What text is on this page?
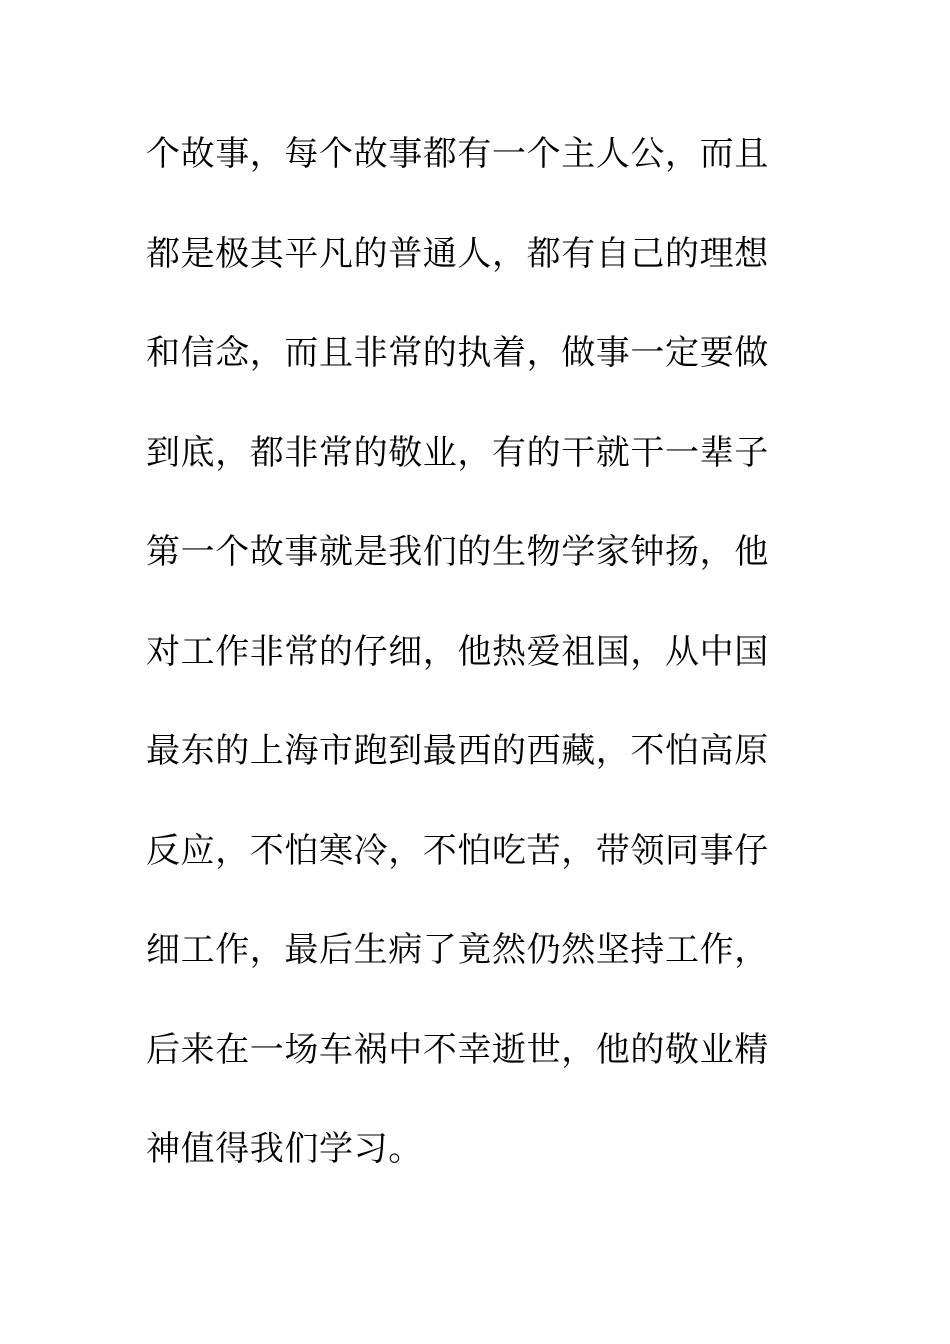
个故事，每个故事都有一个主人公，而且
都是极其平凡的普通人，都有自己的理想
和信念，而且非常的执着，做事一定要做
到底，都非常的敬业，有的干就干一辈子
第一个故事就是我们的生物学家钟扬，他
对工作非常的仔细，他热爱祖国，从中国
最东的上海市跑到最西的西藏，不怕高原
反应，不怕寒冷，不怕吃苦，带领同事仔
细工作，最后生病了竟然仍然坚持工作，
后来在一场车祸中不幸逝世，他的敬业精
神值得我们学习。
